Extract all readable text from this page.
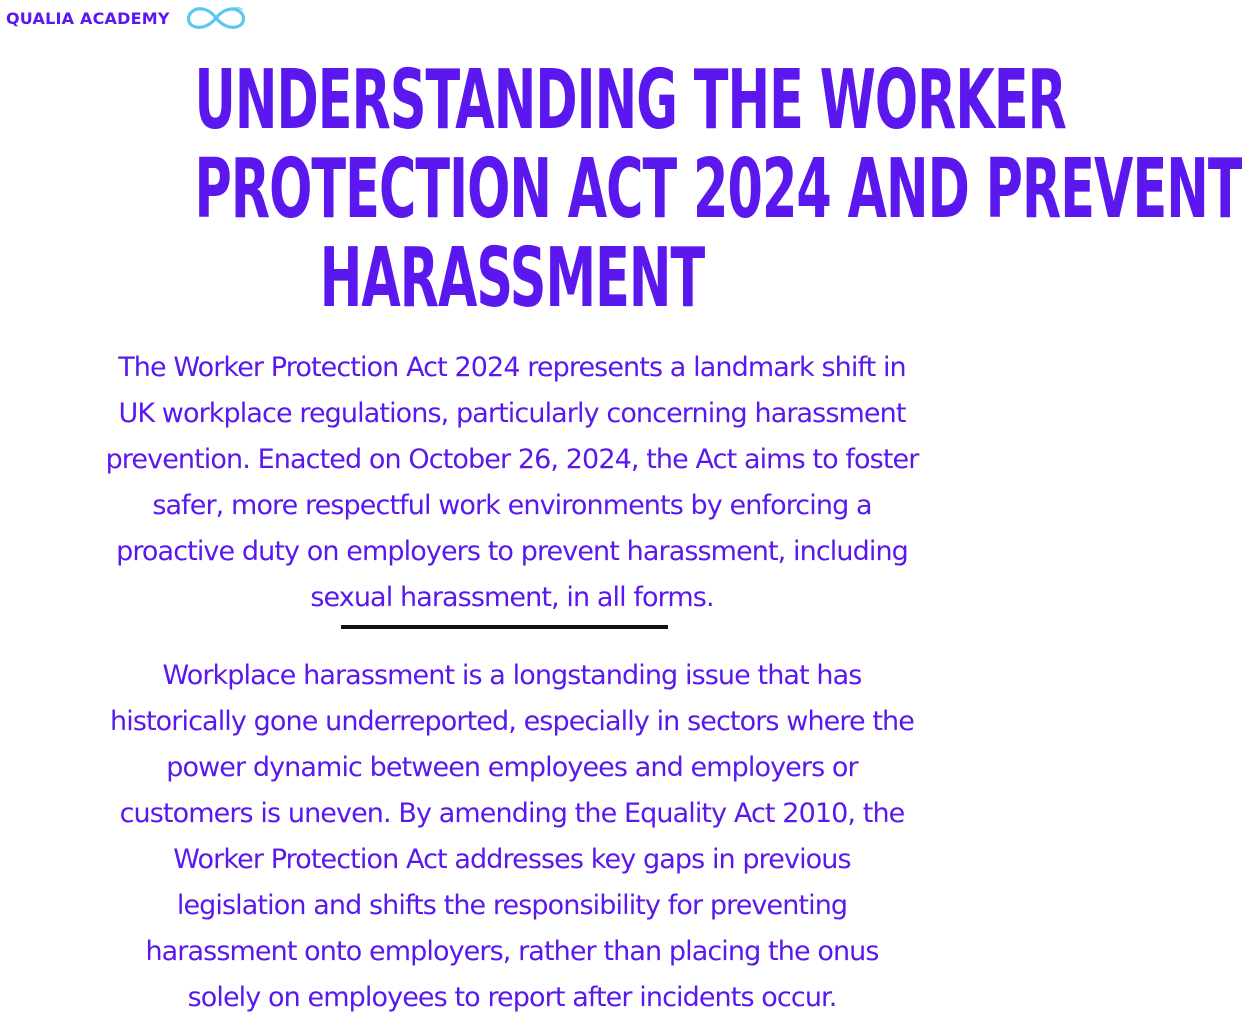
QUALIA ACADEMY
UNDERSTANDING THE WORKER
PROTECTION ACT 2024 AND PREVENT
HARASSMENT

The Worker Protection Act 2024 represents a landmark shift in
UK workplace regulations, particularly concerning harassment
prevention. Enacted on October 26, 2024, the Act aims to foster
safer, more respectful work environments by enforcing a
proactive duty on employers to prevent harassment, including
sexual harassment, in all forms.

Workplace harassment is a longstanding issue that has
historically gone underreported, especially in sectors where the
power dynamic between employees and employers or
customers is uneven. By amending the Equality Act 2010, the
Worker Protection Act addresses key gaps in previous
legislation and shifts the responsibility for preventing
harassment onto employers, rather than placing the onus
solely on employees to report after incidents occur.
